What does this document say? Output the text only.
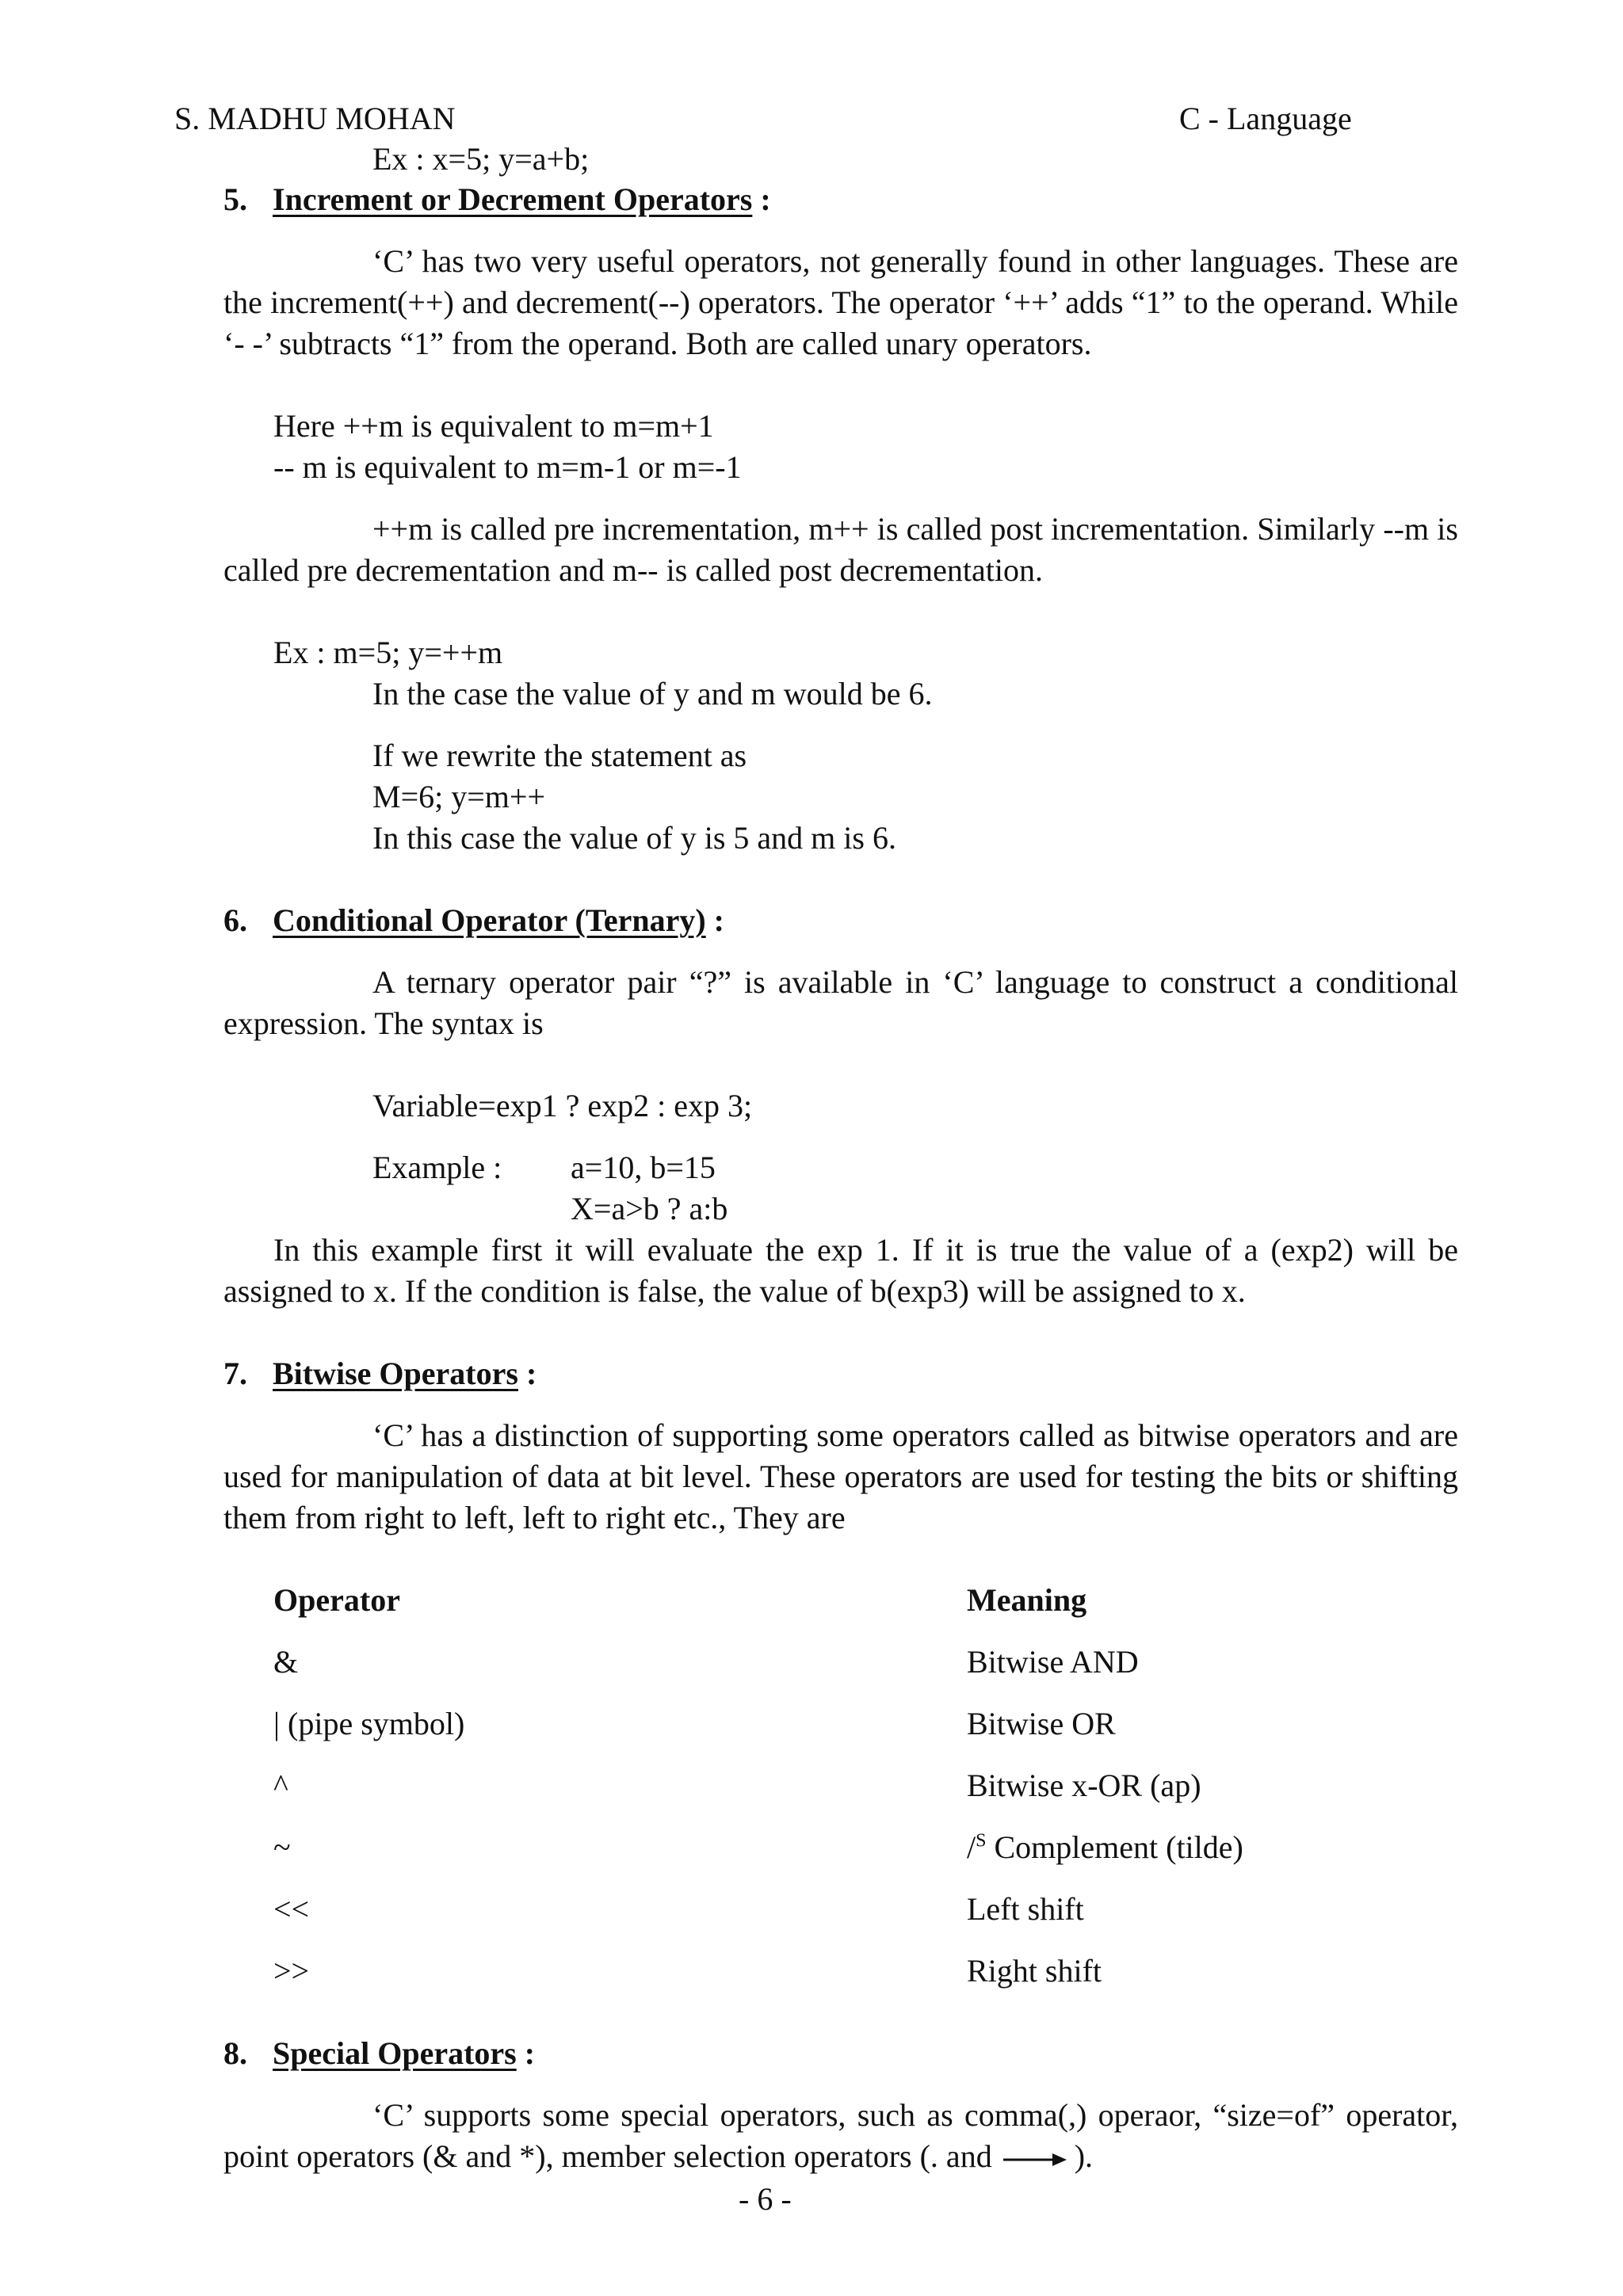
S. MADHU MOHAN	C - Language
Ex : x=5; y=a+b;
5. Increment or Decrement Operators :
‘C’ has two very useful operators, not generally found in other languages. These are the increment(++) and decrement(--) operators. The operator ‘++’ adds “1” to the operand. While ‘- -’ subtracts “1” from the operand. Both are called unary operators.
Here ++m is equivalent to m=m+1
-- m is equivalent to m=m-1 or m=-1
++m is called pre incrementation, m++ is called post incrementation. Similarly --m is called pre decrementation and m-- is called post decrementation.
Ex : m=5; y=++m
In the case the value of y and m would be 6.
If we rewrite the statement as
M=6; y=m++
In this case the value of y is 5 and m is 6.
6. Conditional Operator (Ternary) :
A ternary operator pair “?” is available in ‘C’ language to construct a conditional expression. The syntax is
Variable=exp1 ? exp2 : exp 3;
Example : a=10, b=15
X=a>b ? a:b
In this example first it will evaluate the exp 1. If it is true the value of a (exp2) will be assigned to x. If the condition is false, the value of b(exp3) will be assigned to x.
7. Bitwise Operators :
‘C’ has a distinction of supporting some operators called as bitwise operators and are used for manipulation of data at bit level. These operators are used for testing the bits or shifting them from right to left, left to right etc., They are
Operator	Meaning
&	Bitwise AND
| (pipe symbol)	Bitwise OR
^	Bitwise x-OR (ap)
~	/$^S$ Complement (tilde)
<<	Left shift
>>	Right shift
8. Special Operators :
‘C’ supports some special operators, such as comma(,) operaor, “size=of” operator, point operators (& and *), member selection operators (. and	).
- 6 -
